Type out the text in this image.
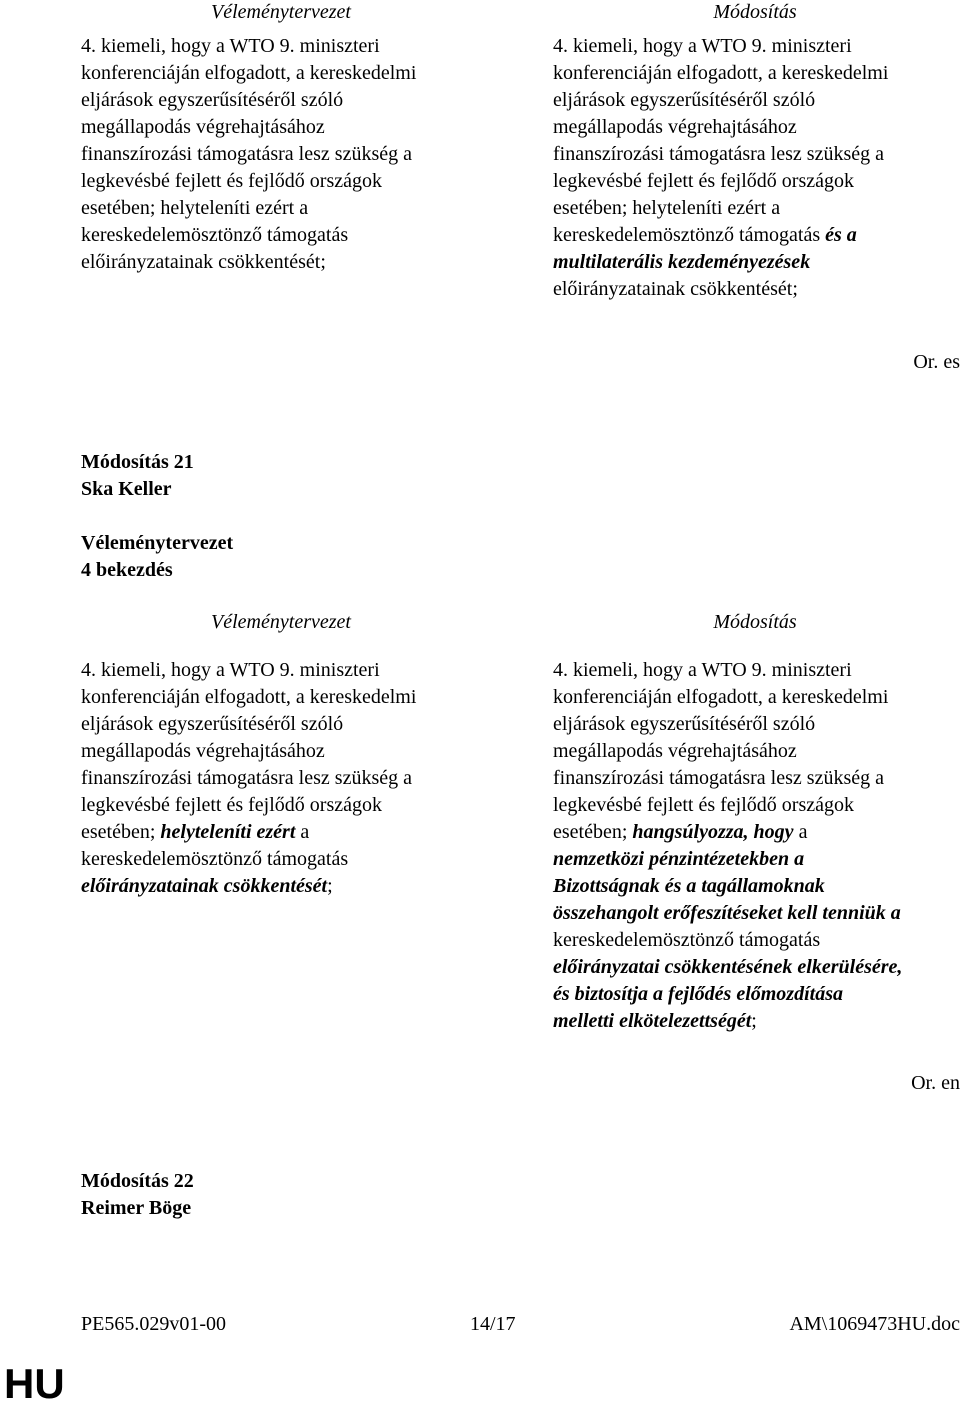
Véleménytervezet	Módosítás
4. kiemeli, hogy a WTO 9. miniszteri
konferenciáján elfogadott, a kereskedelmi
eljárások egyszerűsítéséről szóló
megállapodás végrehajtásához
finanszírozási támogatásra lesz szükség a
legkevésbé fejlett és fejlődő országok
esetében; helyteleníti ezért a
kereskedelemösztönző támogatás
előirányzatainak csökkentését;
4. kiemeli, hogy a WTO 9. miniszteri
konferenciáján elfogadott, a kereskedelmi
eljárások egyszerűsítéséről szóló
megállapodás végrehajtásához
finanszírozási támogatásra lesz szükség a
legkevésbé fejlett és fejlődő országok
esetében; helyteleníti ezért a
kereskedelemösztönző támogatás és a
multilaterális kezdeményezések
előirányzatainak csökkentését;
Or. es
Módosítás 21
Ska Keller
Véleménytervezet
4 bekezdés
Véleménytervezet	Módosítás
4. kiemeli, hogy a WTO 9. miniszteri
konferenciáján elfogadott, a kereskedelmi
eljárások egyszerűsítéséről szóló
megállapodás végrehajtásához
finanszírozási támogatásra lesz szükség a
legkevésbé fejlett és fejlődő országok
esetében; helyteleníti ezért a
kereskedelemösztönző támogatás
előirányzatainak csökkentését;
4. kiemeli, hogy a WTO 9. miniszteri
konferenciáján elfogadott, a kereskedelmi
eljárások egyszerűsítéséről szóló
megállapodás végrehajtásához
finanszírozási támogatásra lesz szükség a
legkevésbé fejlett és fejlődő országok
esetében; hangsúlyozza, hogy a
nemzetközi pénzintézetekben a
Bizottságnak és a tagállamoknak
összehangolt erőfeszítéseket kell tenniük a
kereskedelemösztönző támogatás
előirányzatai csökkentésének elkerülésére,
és biztosítja a fejlődés előmozdítása
melletti elkötelezettségét;
Or. en
Módosítás 22
Reimer Böge
PE565.029v01-00	14/17	AM\1069473HU.doc
HU
